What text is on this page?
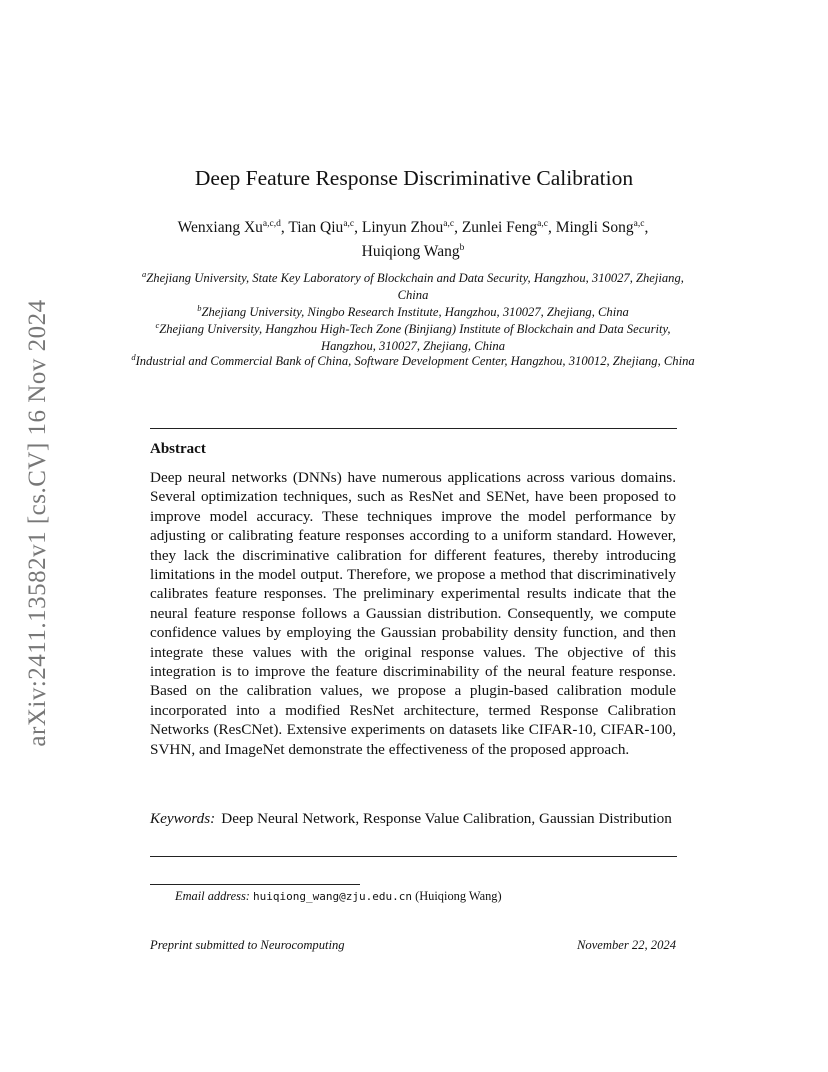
arXiv:2411.13582v1 [cs.CV] 16 Nov 2024
Deep Feature Response Discriminative Calibration
Wenxiang Xu$^{a,c,d}$, Tian Qiu$^{a,c}$, Linyun Zhou$^{a,c}$, Zunlei Feng$^{a,c}$, Mingli Song$^{a,c}$, Huiqiong Wang$^b$
$^a$Zhejiang University, State Key Laboratory of Blockchain and Data Security, Hangzhou, 310027, Zhejiang, China
$^b$Zhejiang University, Ningbo Research Institute, Hangzhou, 310027, Zhejiang, China
$^c$Zhejiang University, Hangzhou High-Tech Zone (Binjiang) Institute of Blockchain and Data Security, Hangzhou, 310027, Zhejiang, China
$^d$Industrial and Commercial Bank of China, Software Development Center, Hangzhou, 310012, Zhejiang, China
Abstract
Deep neural networks (DNNs) have numerous applications across various domains. Several optimization techniques, such as ResNet and SENet, have been proposed to improve model accuracy. These techniques improve the model performance by adjusting or calibrating feature responses according to a uniform standard. However, they lack the discriminative calibration for different features, thereby introducing limitations in the model output. Therefore, we propose a method that discriminatively calibrates feature responses. The preliminary experimental results indicate that the neural feature response follows a Gaussian distribution. Consequently, we compute confidence values by employing the Gaussian probability density function, and then integrate these values with the original response values. The objective of this integration is to improve the feature discriminability of the neural feature response. Based on the calibration values, we propose a plugin-based calibration module incorporated into a modified ResNet architecture, termed Response Calibration Networks (ResCNet). Extensive experiments on datasets like CIFAR-10, CIFAR-100, SVHN, and ImageNet demonstrate the effectiveness of the proposed approach.
Keywords: Deep Neural Network, Response Value Calibration, Gaussian Distribution
Email address: huiqiong_wang@zju.edu.cn (Huiqiong Wang)
Preprint submitted to Neurocomputing	November 22, 2024
